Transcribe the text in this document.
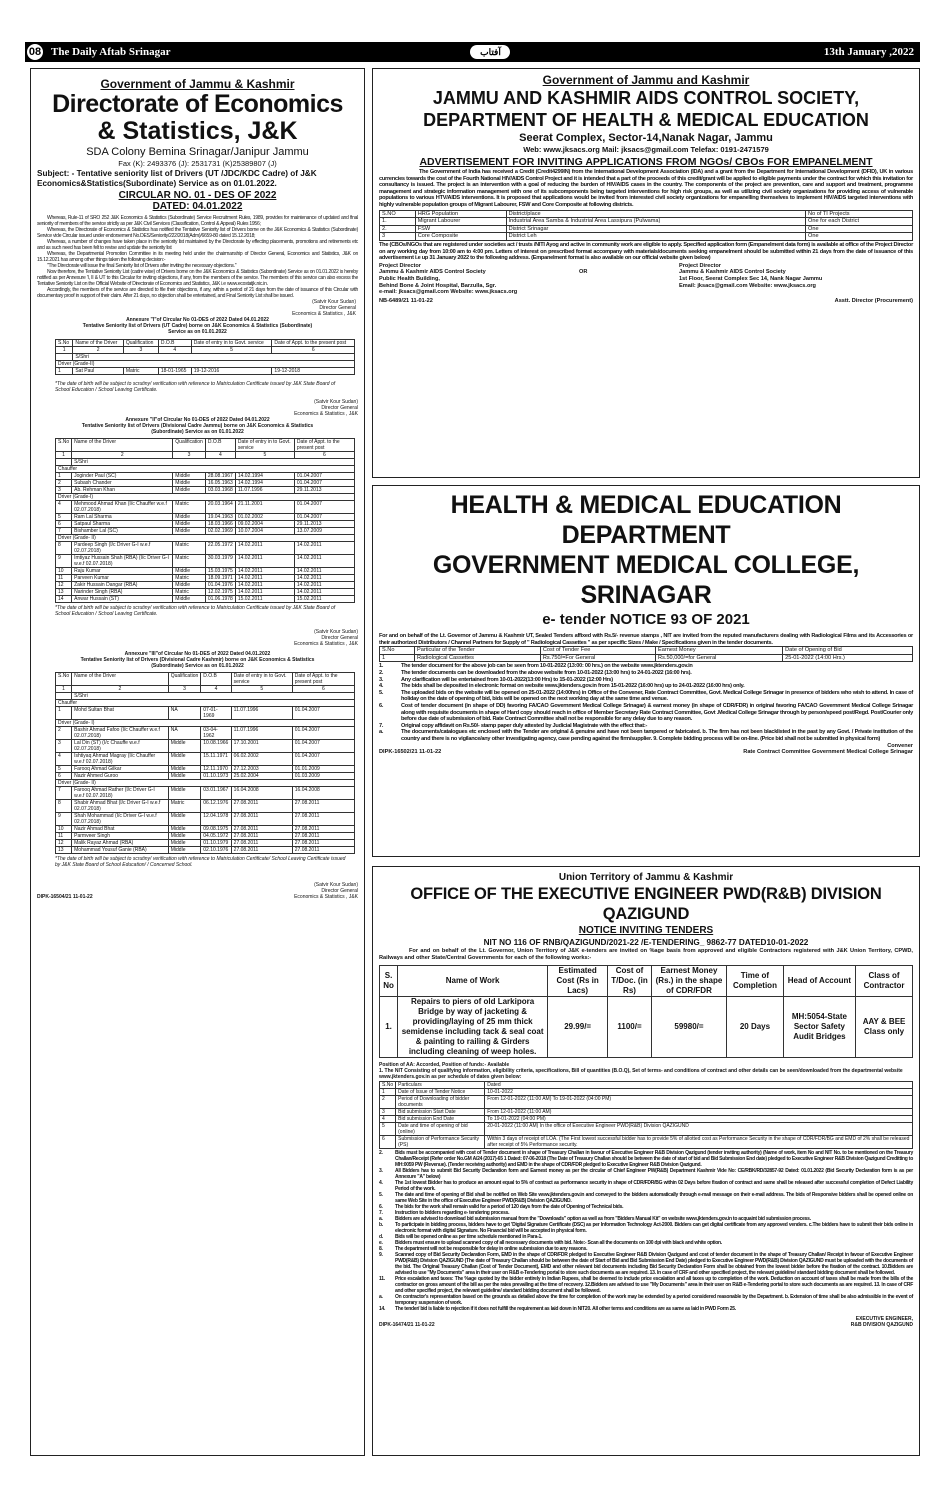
08 The Daily Aftab Srinagar	آفتاب	13th January ,2022
Government of Jammu & Kashmir
Directorate of Economics
& Statistics, J&K
SDA Colony Bemina Srinagar/Janipur Jammu
Fax (K): 2493376 (J): 2531731 (K)25389807 (J)
Subject: - Tentative seniority list of Drivers (UT /JDC/KDC Cadre) of J&K Economics&Statistics(Subordinate) Service as on 01.01.2022.
CIRCULAR NO. 01 - DES OF 2022
DATED: 04.01.2022

Whereas, Rule-11 of SRO 252 J&K Economics & Statistics (Subordinate) Service Recruitment Rules, 1989, provides for maintenance of updated and final seniority of members of the service strictly as per J&K Civil Services (Classification, Control & Appeal) Rules 1956;

Whereas, the Directorate of Economics & Statistics has notified the Tentative Seniority list of Drivers borne on the J&K Economics & Statistics (Subordinate) Service vide Circular issued under endorsement No.DES/Seniority/222/2018(Adm)/6659-80 dated 15.12.2018;

Whereas, a number of changes have taken place in the seniority list maintained by the Directorate by effecting placements, promotions and retirements etc and as such need has been felt to revise and update the seniority list

Whereas, the Departmental Promotion Committee in its meeting held under the chairmanship of Director General, Economics and Statistics, J&K on 15.12.2021 has among other things taken the following decision:-

"The Directorate will issue the final Seniority list of Drivers after inviting the necessary objections."

Now therefore, the Tentative Seniority List (cadre wise) of Drivers borne on the J&K Economics & Statistics (Subordinate) Service as on 01.01.2022 is hereby notified as per Annexure 'I, II & UT to this Circular for inviting objections, if any, from the members of the service. The members of this service can also excess the Tentative Seniority List on the Official Website of Directorate of Economics and Statistics, J&K i.e www.ecostatjk.nic.in.

Accordingly, the members of the service are directed to file their objections, if any, within a period of 21 days from the date of issuance of this Circular with documentary proof in support of their claim. After 21 days, no objection shall be entertained, and Final Seniority List shall be issued.

(Satvir Kour Sudan)
Director General
Economics & Statistics , J&K
Annexure "I"of Circular No 01-DES of 2022 Dated 04.01.2022
Tentative Seniority list of Drivers (UT Cadre) borne on J&K Economics & Statistics (Subordinate) Service as on 01.01.2022
S.No	Name of the Driver	Qualification	D.O.B	Date of entry in to Govt. service	Date of Appt. to the present post
1	2	3	4	5	6
	S/Shri				
Driver (Grade-II)					
1	Sat Paul	Matric	18-01-1965	19-12-2016	19-12-2018
*The date of birth will be subject to scrutiny/ verification with reference to Matriculation Certificate issued by J&K State Board of School Education / School Leaving Certificate.
(Satvir Kour Sudan)
Director General
Economics & Statistics , J&K
Annexure "II"of Circular No 01-DES of 2022 Dated 04.01.2022
Tentative Seniority list of Drivers (Divisional Cadre Jammu) borne on J&K Economics & Statistics (Subordinate) Service as on 01.01.2022
S.No	Name of the Driver	Qualification	D.O.B	Date of entry in to Govt. service	Date of Appt. to the present post
1	2	3	4	5	6
	S/Shri				
Chauffer					
1	Joginder Paul (SC)	Middle	28.08.1967	14.02.1994	01.04.2007
2	Subash Chander	Middle	16.05.1963	14.02.1994	01.04.2007
3	Ab. Rehman Khan	Middle	03.03.1968	11.07.1996	29.11.2013
Driver (Grade-I)					
4	Mehmood Ahmad Khan (I/c Chauffer w.e.f 02.07.2018)	Matric	20.03.1964	21.11.2001	01.04.2007
5	Ram Lal Sharma	Middle	19.04.1963	01.02.2002	01.04.2007
6	Satpaul Sharma	Middle	18.03.1966	09.02.2004	29.11.2013
7	Bishamber Lal (SC)	Middle	02.02.1969	10.07.2004	13.07.2009
Driver (Grade- II)					
8	Pardeep Singh (I/c Driver G-I w.e.f 02.07.2018)	Matric	22.05.1972	14.02.2011	14.02.2011
9	Imtiyaz Hussain Shah (RBA) (I/c Driver G-I w.e.f 02.07.2018)	Matric	30.03.1979	14.02.2011	14.02.2011
10	Raju Kumar	Middle	15.03.1975	14.02.2011	14.02.2011
11	Parveen Kumar	Matric	18.09.1971	14.02.2011	14.02.2011
12	Zakir Hussain Dangar (RBA)	Middle	01.04.1976	14.02.2011	14.02.2011
13	Narinder Singh (RBA)	Matric	12.02.1975	14.02.2011	14.02.2011
14	Anwar Hussain (ST)	Middle	01.06.1978	15.02.2011	15.02.2011
*The date of birth will be subject to scrutiny/ verification with reference to Matriculation Certificate issued by J&K State Board of School Education / School Leaving Certificate.
(Satvir Kour Sudan)
Director General
Economics & Statistics , J&K
Annexure "III"of Circular No 01-DES of 2022 Dated 04.01.2022
Tentative Seniority list of Drivers (Divisional Cadre Kashmir) borne on J&K Economics & Statistics (Subordinate) Service as on 01.01.2022
S.No	Name of the Driver	Qualification	D.O.B	Date of entry in to Govt. service	Date of Appt. to the present post
1	2	3	4	5	6
	S/Shri				
Chauffer					
1	Mohd Sultan Bhat	NA	07-01-1969	11.07.1996	01.04.2007
Driver (Grade- I)					
2	Bashir Ahmad Fafoo (I/c Chauffer w.e.f 02.07.2018)	NA	03-04-1962	11.07.1996	01.04.2007
3	Lal Din (ST) (I/c Chauffe w.e.f 02.07.2018)	Middle	10.08.1966	17.10.2001	01.04.2007
4	Ishtiyaq Ahmad Magray (I/c Chauffer w.e.f 02.07.2018)	Middle	15.11.1971	06.02.2002	01.04.2007
5	Farooq Ahmad Gilkar	Middle	12.11.1970	27.12.2003	01.01.2009
6	Nazir Ahmed Guroo	Middle	01.10.1973	25.02.2004	01.03.2009
Driver (Grade- II)					
7	Farooq Ahmad Rather (I/c Driver G-I w.e.f 02.07.2018)	Middle	03.01.1967	16.04.2008	16.04.2008
8	Shabir Ahmad Bhat (I/c Driver G-I w.e.f 02.07.2018)	Matric	06.12.1976	27.08.2011	27.08.2011
9	Shah Mohammad (I/c Driver G-I w.e.f 02.07.2018)	Middle	12.04.1978	27.08.2011	27.08.2011
10	Nazir Ahmad Bhat	Middle	09.08.1975	27.08.2011	27.08.2011
11	Parmveer Singh	Middle	04.05.1972	27.08.2011	27.08.2011
12	Malik Rayaz Ahmad (RBA)	Middle	01.10.1979	27.08.2011	27.08.2011
13	Mohammad Yousuf Ganie (RBA)	Middle	02.10.1976	27.08.2011	27.08.2011
*The date of birth will be subject to scrutiny/ verification with reference to Matriculation Certificate/ School Leaving Certificate issued by J&K State Board of School Education/ / Concerned School.
(Satvir Kour Sudan)
Director General
DIPK-16504/21 11-01-22	Economics & Statistics , J&K
Government of Jammu and Kashmir
JAMMU AND KASHMIR AIDS CONTROL SOCIETY,
DEPARTMENT OF HEALTH & MEDICAL EDUCATION
Seerat Complex, Sector-14,Nanak Nagar, Jammu
Web: www.jksacs.org Mail: jksacs@gmail.com Telefax: 0191-2471579
ADVERTISEMENT FOR INVITING APPLICATIONS FROM NGOs/ CBOs FOR EMPANELMENT

The Government of India has received a Credit (Credit4299IN) from the International Development Association (IDA) and a grant from the Department for International Development (DFID), UK in various currencies towards the cost of the Fourth National HIV/AIDS Control Project and it is intended that a part of the proceeds of this credit/grant will be applied to eligible payments under the contract for which this invitation for consultancy is issued. The project is an intervention with a goal of reducing the burden of HIV/AIDS cases in the country. The components of the project are prevention, care and support and treatment, programme management and strategic information management with one of its subcomponents being targeted interventions for high risk groups, as well as utilizing civil society organizations for providing access of vulnerable populations to various HTV/AIDS interventions. It is proposed that applications would be invited from interested civil society organizations for empanelling themselves to implement HIV/AIDS targeted interventions with highly vulnerable population groups of Migrant Labourer, FSW and Core Composite at following districts.

S.NO	HRG Population	District/place	No of TI Projects
1.	Migrant Labourer	Industrial Area Samba & Industrial Area Lassipura (Pulwama)	One for each District
2.	FSW	District Srinagar	One
3	Core Composite	District Leh	One

The (CBOs/NGOs that are registered under societies act / trusts /NITI Ayog and active in community work are eligible to apply. Specified application form (Empanelment data form) is available at office of the Project Director on any working day from 10:00 am to 4:00 pm. Letters of interest on prescribed format accompany with materials/documents seeking empanelment should be submitted within 21 days from the date of issuance of this advertisement i.e up 31 January 2022 to the following address. (Empanelment format is also available on our official website given below)

Project Director
Jammu & Kashmir AIDS Control Society
Public Health Building,
Behind Bone & Joint Hospital, Barzulla, Sgr.
e-mail: jksacs@gmail.com Website: www.jksacs.org
OR
Project Director
Jammu & Kashmir AIDS Control Society
1st Floor, Seerat Complex Sec 14, Nank Nagar Jammu
Email: jksacs@gmail.com Website: www.jksacs.org
NB-6489/21 11-01-22	Asstt. Director (Procurement)
HEALTH & MEDICAL EDUCATION DEPARTMENT
GOVERNMENT MEDICAL COLLEGE, SRINAGAR
e- tender NOTICE 93 OF 2021

For and on behalf of the Lt. Governor of Jammu & Kashmir UT, Sealed Tenders affixed with Rs.5/- revenue stamps , NIT are invited from the reputed manufacturers dealing with Radiological Films and its Accessories or their authorized Distributors / Channel Partners for Supply of " Radiological Cassettes " as per specific Sizes / Make / Specifications given in the tender documents.

S.No	Particular of the Tender	Cost of Tender Fee	Earnest Money	Date of Opening of Bid
1	Radiological Cassettes	Rs.750/=For General	Rs.50,000/=for General	25-01-2022 (14:00 Hrs.)
1.	The tender document for the above job can be seen from 10-01-2022 (13:00: 00 hrs.) on the website www.jktenders.gov.in
2.	The tender documents can be downloaded from the above website from 10-01-2022 (13:00 hrs) to 24-01-2022 (16:00 hrs).
3.	Any clarification will be entertained from 10-01-2022(13:00 Hrs) to 15-01-2022 (12:00 Hrs)
4.	The bids shall be deposited in electronic format on website www.jktenders.gov.in from 15-01-2022 (16:00 hrs) up to 24-01-2022 (16:00 hrs) only.
5.	The uploaded bids on the website will be opened on 25-01-2022 (14:00hrs) in Office of the Convener, Rate Contract Committee, Govt. Medical College Srinagar in presence of bidders who wish to attend. In case of holiday on the date of opening of bid, bids will be opened on the next working day at the same time and venue.
6.	Cost of tender document (in shape of DD) favoring FA/CAO Government Medical College Srinagar) & earnest money (in shape of CDR/FDR) in original favoring FA/CAO Government Medical College Srinagar along with requisite documents in shape of Hard copy should reach in office of Member Secretary Rate Contract Committee, Govt .Medical College Srinagar through by person/speed post/Regd. Post/Courier only before due date of submission of bid. Rate Contract Committee shall not be responsible for any delay due to any reason.
7.	Original copy affidavit on Rs.50/- stamp paper duly attested by Judicial Magistrate with the effect that:-
a.	The documents/catalogues etc enclosed with the Tender are original & genuine and have not been tampered or fabricated. b. The firm has not been blacklisted in the past by any Govt. / Private institution of the country and there is no vigilance/any other investigating agency, case pending against the firm/supplier. 9. Complete bidding process will be on-line. (Price bid shall not be submitted in physical form)
Convener
DIPK-16502/21 11-01-22	Rate Contract Committee Government Medical College Srinagar
Union Territory of Jammu & Kashmir
OFFICE OF THE EXECUTIVE ENGINEER PWD(R&B) DIVISION QAZIGUND
NOTICE INVITING TENDERS
NIT NO 116 OF RNB/QAZIGUND/2021-22 /E-TENDERING_ 9862-77 DATED10-01-2022

For and on behalf of the Lt. Governor, Union Territory of J&K e-tenders are invited on %age basis from approved and eligible Contractors registered with J&K Union Territory, CPWD, Railways and other State/Central Governments for each of the following works:-

S. No	Name of Work	Estimated Cost (Rs in Lacs)	Cost of T/Doc. (in Rs)	Earnest Money (Rs.) in the shape of CDR/FDR	Time of Completion	Head of Account	Class of Contractor
1.	Repairs to piers of old Larkipora Bridge by way of jacketing & providing/laying of 25 mm thick semidense including tack & seal coat & painting to railing & Girders including cleaning of weep holes.	29.99/=	1100/=	59980/=	20 Days	MH:5054-State Sector Safety Audit Bridges	AAY & BEE Class only
Position of AA: Accorded, Position of funds:- Available
1. The NIT Consisting of qualifying information, eligibility criteria, specifications, Bill of quantities (B.O.Q), Set of terms- and conditions of contract and other details can be seen/downloaded from the departmental website www.jktenders.gov.in as per schedule of dates given below:
S.No	Particulars	Dated
1	Date of Issue of Tender Notice	10-01-2022
2	Period of Downloading of bidder documents	From 12-01-2022 (11:00 AM) To 19-01-2022 (04:00 PM)
3	Bid submission Start Date	From 12-01-2022 (11:00 AM)
4	Bid submission End Date	To 19-01-2022 (04:00 PM)
5	Date and time of opening of bid (online)	20-01-2022 (11:00 AM) In the office of Executive Engineer PWD(R&B) Division QAZIGUND
6	Submission of Performance Security (PS)	Within 3 days of receipt of LOA. (The First lowest successful bidder has to provide 5% of allotted cost as Performance Security in the shape of CDR/FDR/BG and EMD of 2% shall be released after receipt of 5% Performance security.
2.	Bids must be accompanied with cost of Tender document in shape of Treasury Challan in favour of Executive Engineer R&B Division Qazigund (tender inviting authority) (Name of work, item No and NIT No. to be mentioned on the Treasury Challan/Receipt (Refer order No.GM A/24 (2017)-65 1 Dated: 07-06-2018 (The Date of Treasury Challan should be between the date of start of bid and Bid Submission End date) pledged to Executive Engineer R&B Division Qazigund Creditting to MH:0059 PW (Revenue). (Tender receiving authority) and EMD in the shape of CDR/FDR pledged to Executive Engineer R&B Division Qazigund.
3.	All Bidders has to submit Bid Security Declaration form and Earnest money as per the circular of Chief Engineer PW(R&B) Department Kashmir Vide No: CE/RBK/RD/32857-92 Dated: 01.01.2022 (Bid Security Declaration form is as per Annexure "A" below)
4.	The 1st lowest Bidder has to produce an amount equal to 5% of contract as performance security in shape of CDR/FDR/BG within 02 Days before fixation of contract and same shall be released after successful completion of Defect Liability Period of the work.
5.	The date and time of opening of Bid shall be notified on Web Site www.jktenders.gov.in and conveyed to the bidders automatically through e-mail message on their e-mail address. The bids of Responsive bidders shall be opened online on same Web Site in the office of Executive Engineer PWD(R&B) Division QAZIGUND.
6.	The bids for the work shall remain valid for a period of 120 days from the date of Opening of Technical bids.
7.	Instruction to bidders regarding e- tendering process.
a.	Bidders are advised to download bid submission manual from the "Downloads" option as well as from "Bidders Manual Kit" on website www.jktenders.gov.in to acquaint bid submission process.
b.	To participate in bidding process, bidders have to get 'Digital Signature Certificate (DSC) as per Information Technology Act-2000. Bidders can get digital certificate from any approved venders. c.The bidders have to submit their bids online in electronic format with digital Signature. No Financial bid will be accepted in physical form.
d.	Bids will be opened online as per time schedule mentioned in Para-1.
e.	Bidders must ensure to upload scanned copy of all necessary documents with bid. Note:- Scan all the documents on 100 dpi with black and white option.
8.	The department will not be responsible for delay in online submission due to any reasons.
9.	Scanned copy of Bid Security Declaration Form, EMD in the shape of CDR/FDR pledged to Executive Engineer R&B Division Qazigund and cost of tender document in the shape of Treasury Challan/ Receipt in favour of Executive Engineer PWD(R&B) Division QAZIGUND (The date of Treasury Challan should be between the date of Start of Bid and Bid Submission End Date) pledged to Executive Engineer PWD(R&B) Division QAZIGUND must be uploaded with the documents of the bid. The Original Treasury Challan (Cost of Tender Document), EMD and other relevant bid documents including Bid Security Declaration Form shall be obtained from the lowest bidder before the fixation of the contract. 10.Bidders are advised to use "My Documents" area in their user on R&B e-Tendering portal to store such documents as are required. 13. In case of CRF and other specified project, the relevant guideline/ standard bidding document shall be followed.
11.	Price escalation and taxes: The %age quoted by the bidder entirely in Indian Rupees, shall be deemed to include price escalation and all taxes up to completion of the work. Deduction on account of taxes shall be made from the bills of the contractor on gross amount of the bill as per the rates prevailing at the time of recovery. 12.Bidders are advised to use "My Documents" area in their user on R&B e-Tendering portal to store such documents as are required. 13. In case of CRF and other specified project, the relevant guideline/ standard bidding document shall be followed.
a.	On contractor's representation based on the grounds as detailed above the time for completion of the work may be extended by a period considered reasonable by the Department. b. Extension of time shall be also admissible in the event of temporary suspension of work.
14.	The tender/ bid is liable to rejection if it does not fulfill the requirement as laid down in NIT20. All other terms and conditions are as same as laid in PWD Form 25.
EXECUTIVE ENGINEER,
DIPK-16474/21 11-01-22	R&B DIVISION QAZIGUND
